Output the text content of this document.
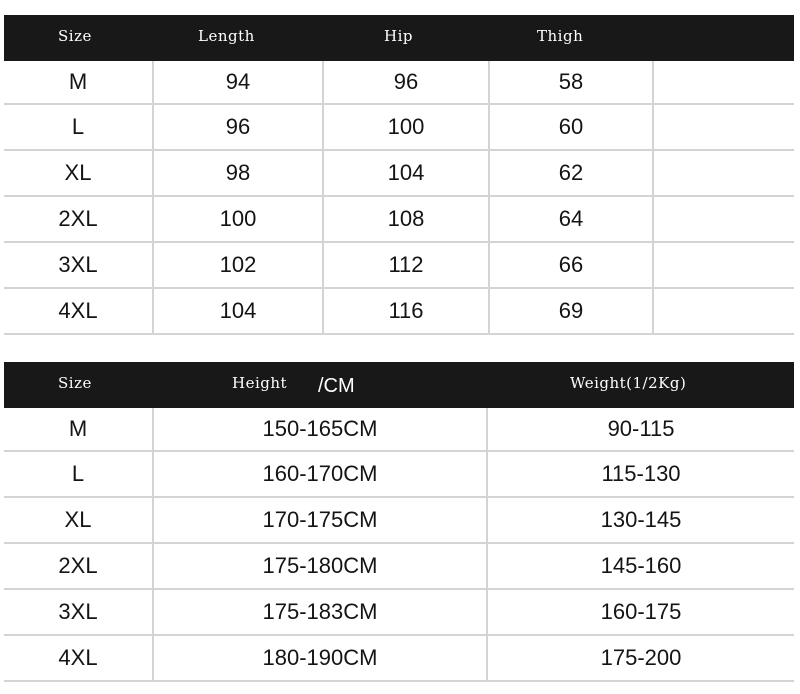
Size	Length	Hip	Thigh
M	94	96	58
L	96	100	60
XL	98	104	62
2XL	100	108	64
3XL	102	112	66
4XL	104	116	69
Size	Height /CM	Weight(1/2Kg)
M	150-165CM	90-115
L	160-170CM	115-130
XL	170-175CM	130-145
2XL	175-180CM	145-160
3XL	175-183CM	160-175
4XL	180-190CM	175-200
